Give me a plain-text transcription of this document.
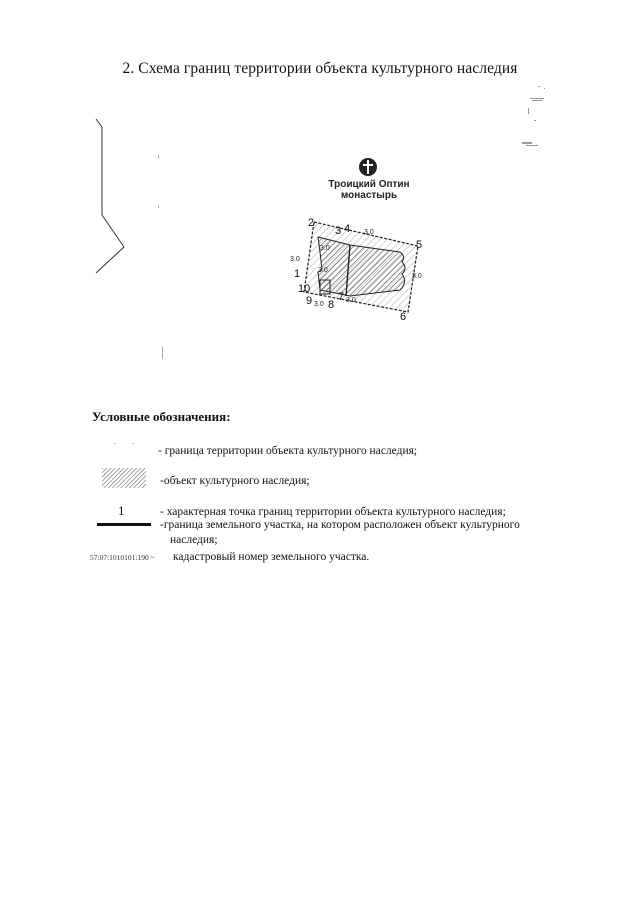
2. Схема границ территории объекта культурного наследия
Троицкий Оптин
монастырь
1
2
3 4
5
6
7
8
9
10
3.0
3.0
3.0
3.0
3.0
3.0
3.0
Условные обозначения:
- граница территории объекта культурного наследия;
-объект культурного наследия;
1	- характерная точка границ территории объекта культурного наследия;
-граница земельного участка, на котором расположен объект культурного
наследия;
57:07:1010101:190 ~ кадастровый номер земельного участка.
